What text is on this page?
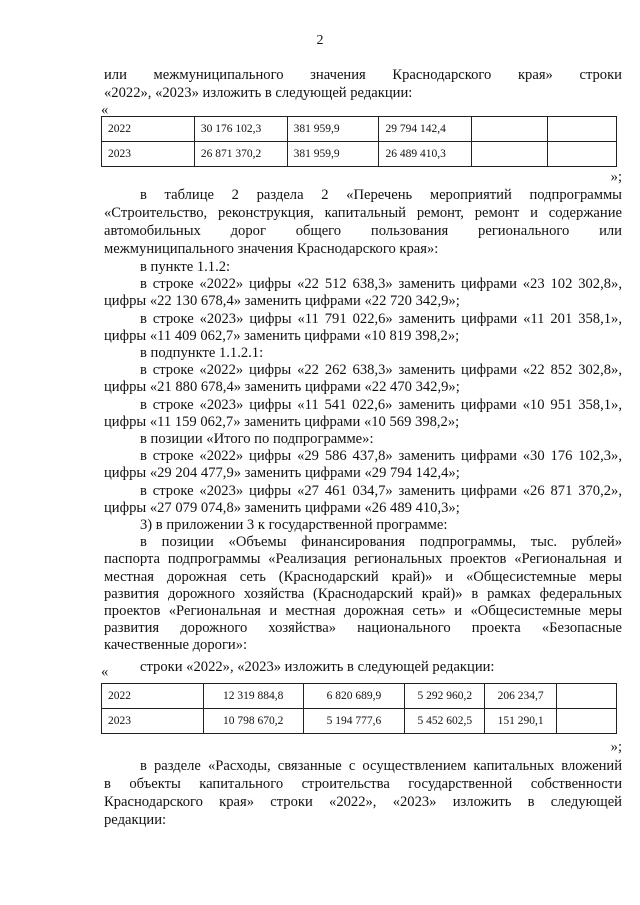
2
или межмуниципального значения Краснодарского края» строки
«2022», «2023» изложить в следующей редакции:
«
2022	30 176 102,3	381 959,9	29 794 142,4		
2023	26 871 370,2	381 959,9	26 489 410,3		
»;
в таблице 2 раздела 2 «Перечень мероприятий подпрограммы
«Строительство, реконструкция, капитальный ремонт, ремонт и содержание
автомобильных дорог общего пользования регионального или
межмуниципального значения Краснодарского края»:
в пункте 1.1.2:
в строке «2022» цифры «22 512 638,3» заменить цифрами «23 102 302,8»,
цифры «22 130 678,4» заменить цифрами «22 720 342,9»;
в строке «2023» цифры «11 791 022,6» заменить цифрами «11 201 358,1»,
цифры «11 409 062,7» заменить цифрами «10 819 398,2»;
в подпункте 1.1.2.1:
в строке «2022» цифры «22 262 638,3» заменить цифрами «22 852 302,8»,
цифры «21 880 678,4» заменить цифрами «22 470 342,9»;
в строке «2023» цифры «11 541 022,6» заменить цифрами «10 951 358,1»,
цифры «11 159 062,7» заменить цифрами «10 569 398,2»;
в позиции «Итого по подпрограмме»:
в строке «2022» цифры «29 586 437,8» заменить цифрами «30 176 102,3»,
цифры «29 204 477,9» заменить цифрами «29 794 142,4»;
в строке «2023» цифры «27 461 034,7» заменить цифрами «26 871 370,2»,
цифры «27 079 074,8» заменить цифрами «26 489 410,3»;
3) в приложении 3 к государственной программе:
в позиции «Объемы финансирования подпрограммы, тыс. рублей»
паспорта подпрограммы «Реализация региональных проектов «Региональная и
местная дорожная сеть (Краснодарский край)» и «Общесистемные меры
развития дорожного хозяйства (Краснодарский край)» в рамках федеральных
проектов «Региональная и местная дорожная сеть» и «Общесистемные меры
развития дорожного хозяйства» национального проекта «Безопасные
качественные дороги»:
строки «2022», «2023» изложить в следующей редакции:
«
2022	12 319 884,8	6 820 689,9	5 292 960,2	206 234,7	
2023	10 798 670,2	5 194 777,6	5 452 602,5	151 290,1	
»;
в разделе «Расходы, связанные с осуществлением капитальных вложений
в объекты капитального строительства государственной собственности
Краснодарского края» строки «2022», «2023» изложить в следующей
редакции:
